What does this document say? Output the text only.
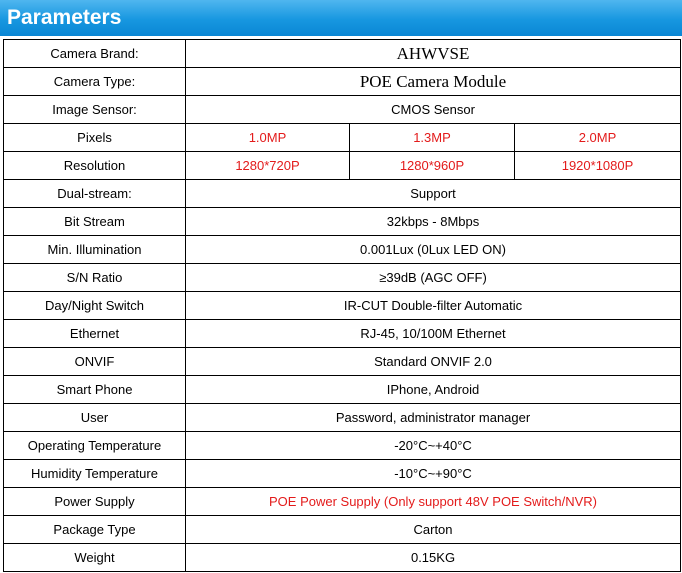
Parameters
Camera Brand:	AHWVSE		
Camera Type:	POE Camera Module		
Image Sensor:	CMOS Sensor		
Pixels	1.0MP	1.3MP	2.0MP
Resolution	1280*720P	1280*960P	1920*1080P
Dual-stream:	Support		
Bit Stream	32kbps - 8Mbps		
Min. Illumination	0.001Lux (0Lux LED ON)		
S/N Ratio	≥39dB (AGC OFF)		
Day/Night Switch	IR-CUT Double-filter Automatic		
Ethernet	RJ-45, 10/100M Ethernet		
ONVIF	Standard ONVIF 2.0		
Smart Phone	IPhone, Android		
User	Password, administrator manager		
Operating Temperature	-20°C~+40°C		
Humidity Temperature	-10°C~+90°C		
Power Supply	POE Power Supply (Only support 48V POE Switch/NVR)		
Package Type	Carton		
Weight	0.15KG		
